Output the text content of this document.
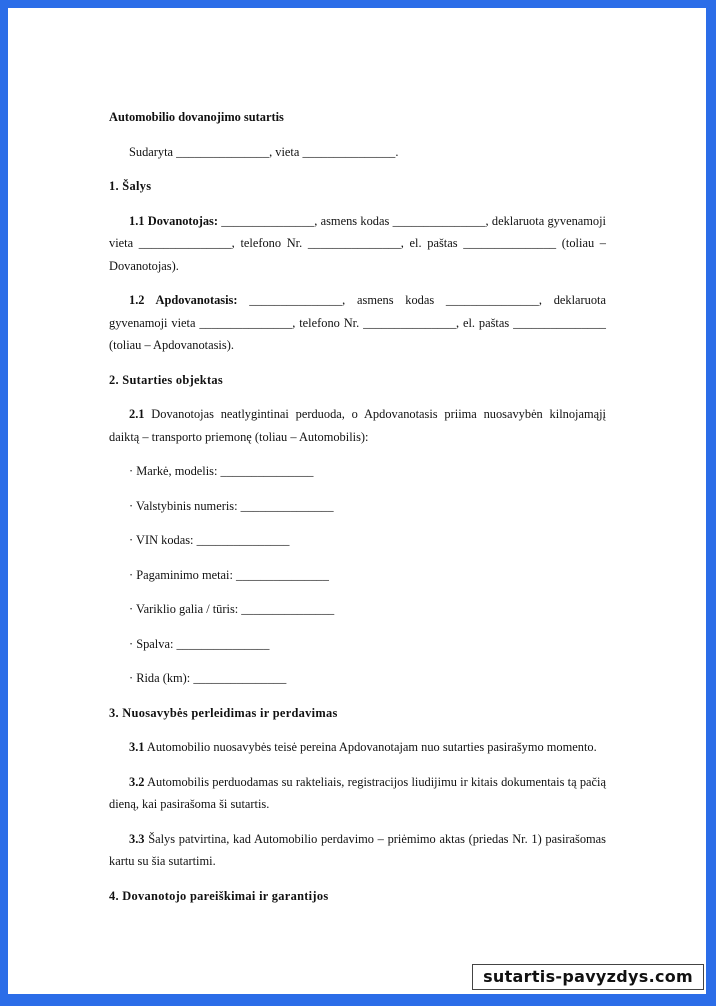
Automobilio dovanojimo sutartis

Sudaryta _______________, vieta _______________.

1. Šalys

1.1 Dovanotojas: _______________, asmens kodas _______________, deklaruota gyvenamoji vieta _______________, telefono Nr. _______________, el. paštas _______________ (toliau – Dovanotojas).

1.2 Apdovanotasis: _______________, asmens kodas _______________, deklaruota gyvenamoji vieta _______________, telefono Nr. _______________, el. paštas _______________ (toliau – Apdovanotasis).

2. Sutarties objektas

2.1 Dovanotojas neatlygintinai perduoda, o Apdovanotasis priima nuosavybėn kilnojamąjį daiktą – transporto priemonę (toliau – Automobilis):

· Markė, modelis: _______________

· Valstybinis numeris: _______________

· VIN kodas: _______________

· Pagaminimo metai: _______________

· Variklio galia / tūris: _______________

· Spalva: _______________

· Rida (km): _______________

3. Nuosavybės perleidimas ir perdavimas

3.1 Automobilio nuosavybės teisė pereina Apdovanotajam nuo sutarties pasirašymo momento.

3.2 Automobilis perduodamas su rakteliais, registracijos liudijimu ir kitais dokumentais tą pačią dieną, kai pasirašoma ši sutartis.

3.3 Šalys patvirtina, kad Automobilio perdavimo – priėmimo aktas (priedas Nr. 1) pasirašomas kartu su šia sutartimi.

4. Dovanotojo pareiškimai ir garantijos

sutartis-pavyzdys.com
